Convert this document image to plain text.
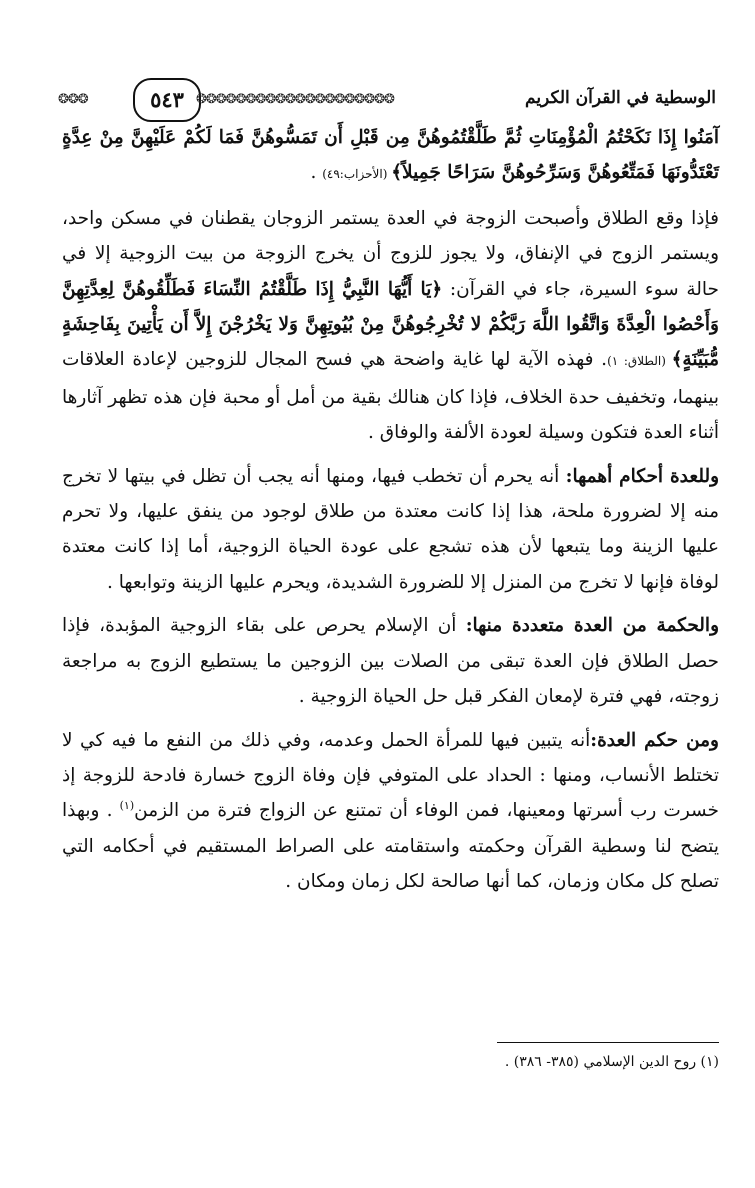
❂❂❂	٥٤٣ ❂❂❂❂❂❂❂❂❂❂❂❂❂❂❂❂❂❂❂❂	الوسطية في القرآن الكريم

آمَنُوا إِذَا نَكَحْتُمُ الْمُؤْمِنَاتِ ثُمَّ طَلَّقْتُمُوهُنَّ مِن قَبْلِ أَن تَمَسُّوهُنَّ فَمَا لَكُمْ عَلَيْهِنَّ مِنْ عِدَّةٍ تَعْتَدُّونَهَا فَمَتِّعُوهُنَّ وَسَرِّحُوهُنَّ سَرَاحًا جَمِيلاً﴾ (الأحزاب:٤٩) .

فإذا وقع الطلاق وأصبحت الزوجة في العدة يستمر الزوجان يقطنان في مسكن واحد، ويستمر الزوج في الإنفاق، ولا يجوز للزوج أن يخرج الزوجة من بيت الزوجية إلا في حالة سوء السيرة، جاء في القرآن: ﴿يَا أَيُّهَا النَّبِيُّ إِذَا طَلَّقْتُمُ النِّسَاءَ فَطَلِّقُوهُنَّ لِعِدَّتِهِنَّ وَأَحْصُوا الْعِدَّةَ وَاتَّقُوا اللَّهَ رَبَّكُمْ لا تُخْرِجُوهُنَّ مِنْ بُيُوتِهِنَّ وَلا يَخْرُجْنَ إِلاَّ أَن يَأْتِينَ بِفَاحِشَةٍ مُّبَيِّنَةٍ﴾ (الطلاق: ١). فهذه الآية لها غاية واضحة هي فسح المجال للزوجين لإعادة العلاقات بينهما، وتخفيف حدة الخلاف، فإذا كان هنالك بقية من أمل أو محبة فإن هذه تظهر آثارها أثناء العدة فتكون وسيلة لعودة الألفة والوفاق .

وللعدة أحكام أهمها: أنه يحرم أن تخطب فيها، ومنها أنه يجب أن تظل في بيتها لا تخرج منه إلا لضرورة ملحة، هذا إذا كانت معتدة من طلاق لوجود من ينفق عليها، ولا تحرم عليها الزينة وما يتبعها لأن هذه تشجع على عودة الحياة الزوجية، أما إذا كانت معتدة لوفاة فإنها لا تخرج من المنزل إلا للضرورة الشديدة، ويحرم عليها الزينة وتوابعها .

والحكمة من العدة متعددة منها: أن الإسلام يحرص على بقاء الزوجية المؤبدة، فإذا حصل الطلاق فإن العدة تبقى من الصلات بين الزوجين ما يستطيع الزوج به مراجعة زوجته، فهي فترة لإمعان الفكر قبل حل الحياة الزوجية .

ومن حكم العدة:أنه يتبين فيها للمرأة الحمل وعدمه، وفي ذلك من النفع ما فيه كي لا تختلط الأنساب، ومنها : الحداد على المتوفي فإن وفاة الزوج خسارة فادحة للزوجة إذ خسرت رب أسرتها ومعينها، فمن الوفاء أن تمتنع عن الزواج فترة من الزمن$^{(١)}$ . وبهذا يتضح لنا وسطية القرآن وحكمته واستقامته على الصراط المستقيم في أحكامه التي تصلح كل مكان وزمان، كما أنها صالحة لكل زمان ومكان .

(١) روح الدين الإسلامي (٣٨٥- ٣٨٦) .
